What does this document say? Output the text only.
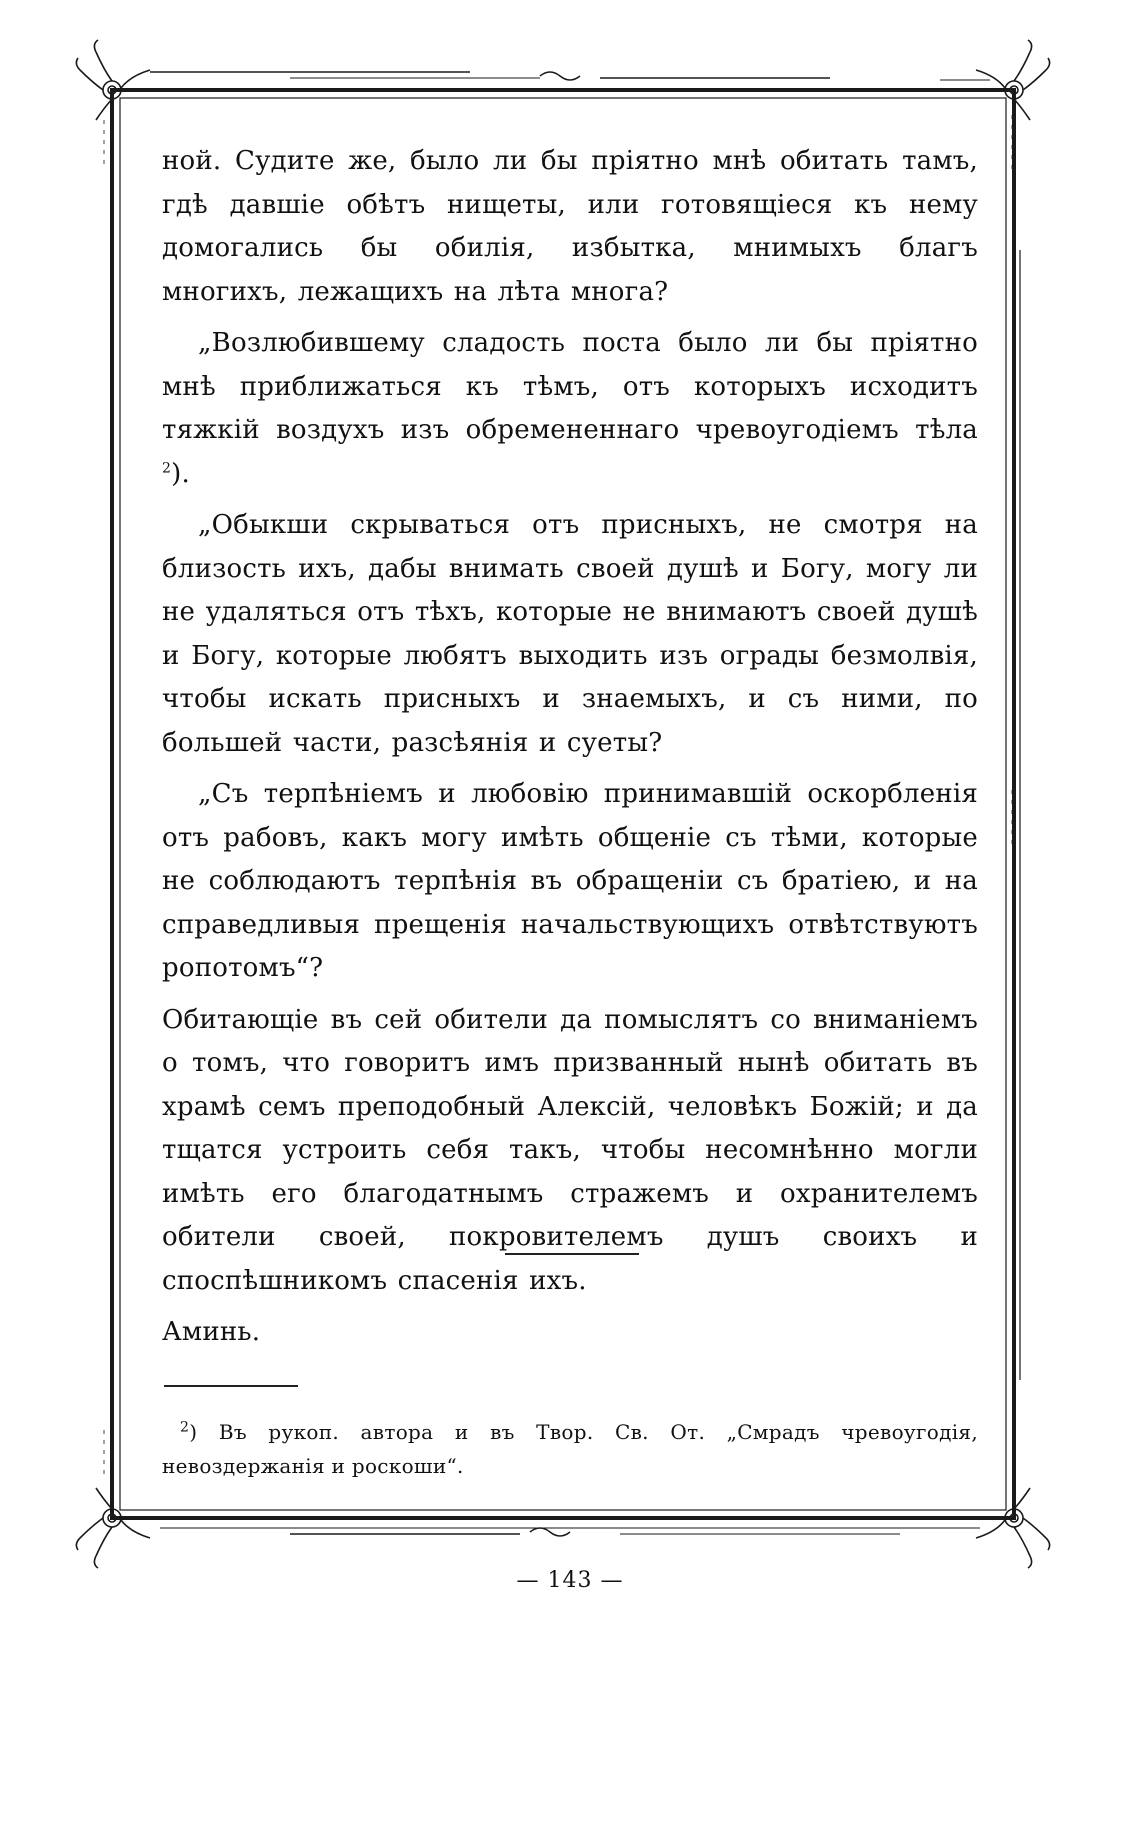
ной. Судите же, было ли бы пріятно мнѣ обитать тамъ, гдѣ давшіе обѣтъ нищеты, или готовящіеся къ нему домогались бы обилія, избытка, мнимыхъ благъ многихъ, лежащихъ на лѣта многа?

„Возлюбившему сладость поста было ли бы пріятно мнѣ приближаться къ тѣмъ, отъ которыхъ исходитъ тяжкій воздухъ изъ обремененнаго чревоугодіемъ тѣла $^2$).

„Обыкши скрываться отъ присныхъ, не смотря на близость ихъ, дабы внимать своей душѣ и Богу, могу ли не удаляться отъ тѣхъ, которые не внимаютъ своей душѣ и Богу, которые любятъ выходить изъ ограды безмолвія, чтобы искать присныхъ и знаемыхъ, и съ ними, по большей части, разсѣянія и суеты?

„Съ терпѣніемъ и любовію принимавшій оскорбленія отъ рабовъ, какъ могу имѣть общеніе съ тѣми, которые не соблюдаютъ терпѣнія въ обращеніи съ братіею, и на справедливыя прещенія начальствующихъ отвѣтствуютъ ропотомъ“?

Обитающіе въ сей обители да помыслятъ со вниманіемъ о томъ, что говоритъ имъ призванный нынѣ обитать въ храмѣ семъ преподобный Алексій, человѣкъ Божій; и да тщатся устроить себя такъ, чтобы несомнѣнно могли имѣть его благодатнымъ стражемъ и охранителемъ обители своей, покровителемъ душъ своихъ и споспѣшникомъ спасенія ихъ.

Аминь.

$^2$) Въ рукоп. автора и въ Твор. Св. От. „Смрадъ чревоугодія, невоздержанія и роскоши“.
— 143 —
